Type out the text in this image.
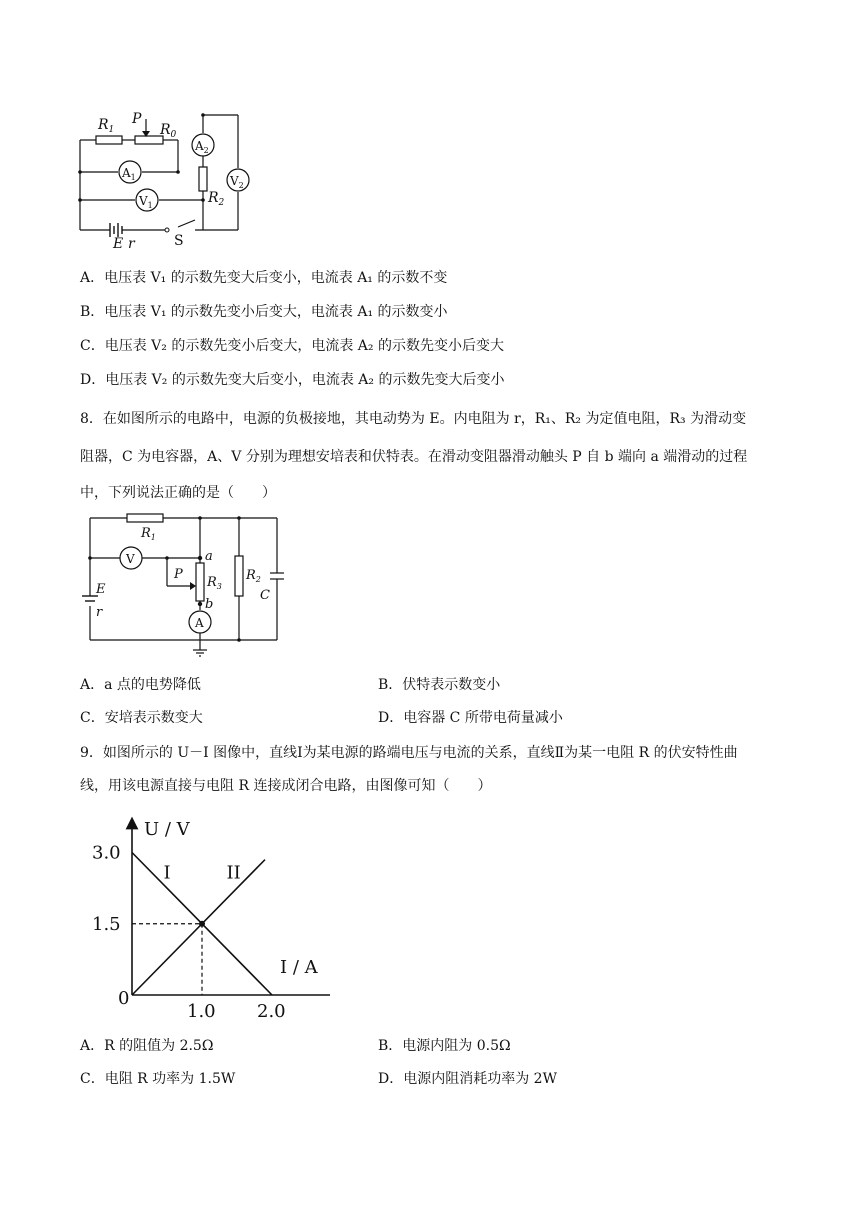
$R_1$
P
$R_0$
$A_1$
$A_2$
$V_1$
$V_2$
$R_2$
E r	S
A．电压表 V₁ 的示数先变大后变小，电流表 A₁ 的示数不变
B．电压表 V₁ 的示数先变小后变大，电流表 A₁ 的示数变小
C．电压表 V₂ 的示数先变小后变大，电流表 A₂ 的示数先变小后变大
D．电压表 V₂ 的示数先变大后变小，电流表 A₂ 的示数先变大后变小
8．在如图所示的电路中，电源的负极接地，其电动势为 E。内电阻为 r，R₁、R₂ 为定值电阻，R₃ 为滑动变
阻器，C 为电容器，A、V 分别为理想安培表和伏特表。在滑动变阻器滑动触头 P 自 b 端向 a 端滑动的过程
中，下列说法正确的是（　　）
$R_1$
V	a
P
$R_3$
b
A
$R_2$
C
E
r
A．a 点的电势降低	B．伏特表示数变小
C．安培表示数变大	D．电容器 C 所带电荷量减小
9．如图所示的 U－I 图像中，直线Ⅰ为某电源的路端电压与电流的关系，直线Ⅱ为某一电阻 R 的伏安特性曲
线，用该电源直接与电阻 R 连接成闭合电路，由图像可知（　　）
I	II
3.0
1.5
1.0 2.0
U / V
I / A
0
A．R 的阻值为 2.5Ω	B．电源内阻为 0.5Ω
C．电阻 R 功率为 1.5W	D．电源内阻消耗功率为 2W
